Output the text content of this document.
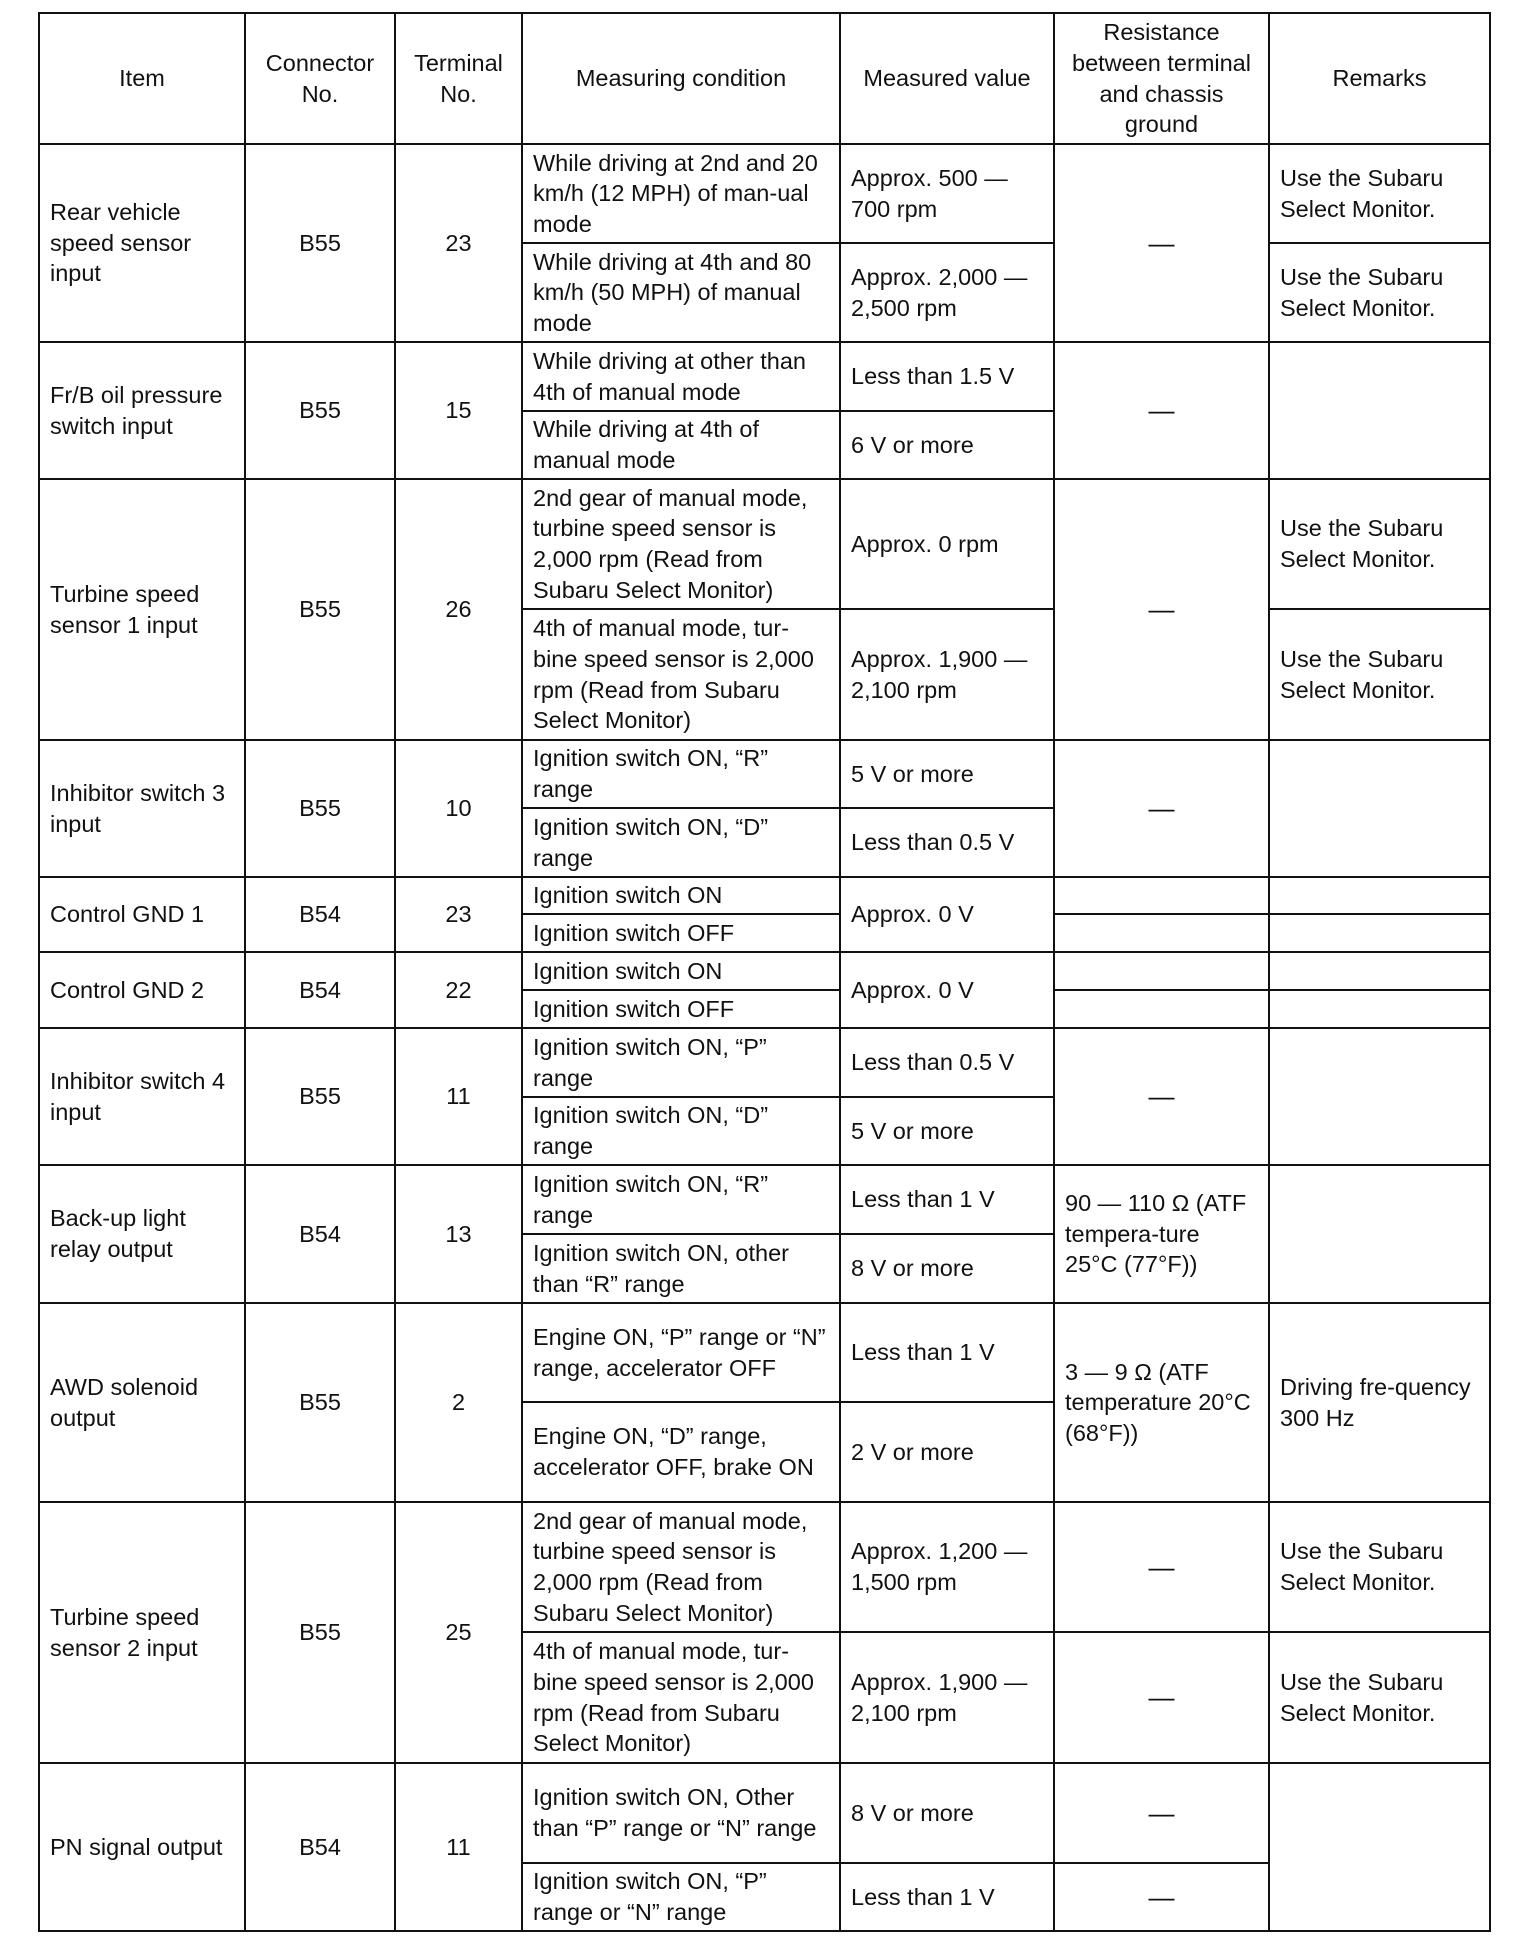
Item	Connector No.	Terminal No.	Measuring condition	Measured value	Resistance between terminal and chassis ground	Remarks
Rear vehicle speed sensor input	B55	23	While driving at 2nd and 20 km/h (12 MPH) of man-ual mode	Approx. 500 — 700 rpm	—	Use the Subaru Select Monitor.
			While driving at 4th and 80 km/h (50 MPH) of manual mode	Approx. 2,000 — 2,500 rpm		Use the Subaru Select Monitor.
Fr/B oil pressure switch input	B55	15	While driving at other than 4th of manual mode	Less than 1.5 V	—	
			While driving at 4th of manual mode	6 V or more		
Turbine speed sensor 1 input	B55	26	2nd gear of manual mode, turbine speed sensor is 2,000 rpm (Read from Subaru Select Monitor)	Approx. 0 rpm	—	Use the Subaru Select Monitor.
			4th of manual mode, tur-bine speed sensor is 2,000 rpm (Read from Subaru Select Monitor)	Approx. 1,900 — 2,100 rpm		Use the Subaru Select Monitor.
Inhibitor switch 3 input	B55	10	Ignition switch ON, “R” range	5 V or more	—	
			Ignition switch ON, “D” range	Less than 0.5 V		
Control GND 1	B54	23	Ignition switch ON	Approx. 0 V		
			Ignition switch OFF			
Control GND 2	B54	22	Ignition switch ON	Approx. 0 V		
			Ignition switch OFF			
Inhibitor switch 4 input	B55	11	Ignition switch ON, “P” range	Less than 0.5 V	—	
			Ignition switch ON, “D” range	5 V or more		
Back-up light relay output	B54	13	Ignition switch ON, “R” range	Less than 1 V	90 — 110 Ω (ATF tempera-ture 25°C (77°F))	
			Ignition switch ON, other than “R” range	8 V or more		
AWD solenoid output	B55	2	Engine ON, “P” range or “N” range, accelerator OFF	Less than 1 V	3 — 9 Ω (ATF temperature 20°C (68°F))	Driving fre-quency 300 Hz
			Engine ON, “D” range, accelerator OFF, brake ON	2 V or more		
Turbine speed sensor 2 input	B55	25	2nd gear of manual mode, turbine speed sensor is 2,000 rpm (Read from Subaru Select Monitor)	Approx. 1,200 — 1,500 rpm	—	Use the Subaru Select Monitor.
			4th of manual mode, tur-bine speed sensor is 2,000 rpm (Read from Subaru Select Monitor)	Approx. 1,900 — 2,100 rpm	—	Use the Subaru Select Monitor.
PN signal output	B54	11	Ignition switch ON, Other than “P” range or “N” range	8 V or more	—	
			Ignition switch ON, “P” range or “N” range	Less than 1 V	—	
